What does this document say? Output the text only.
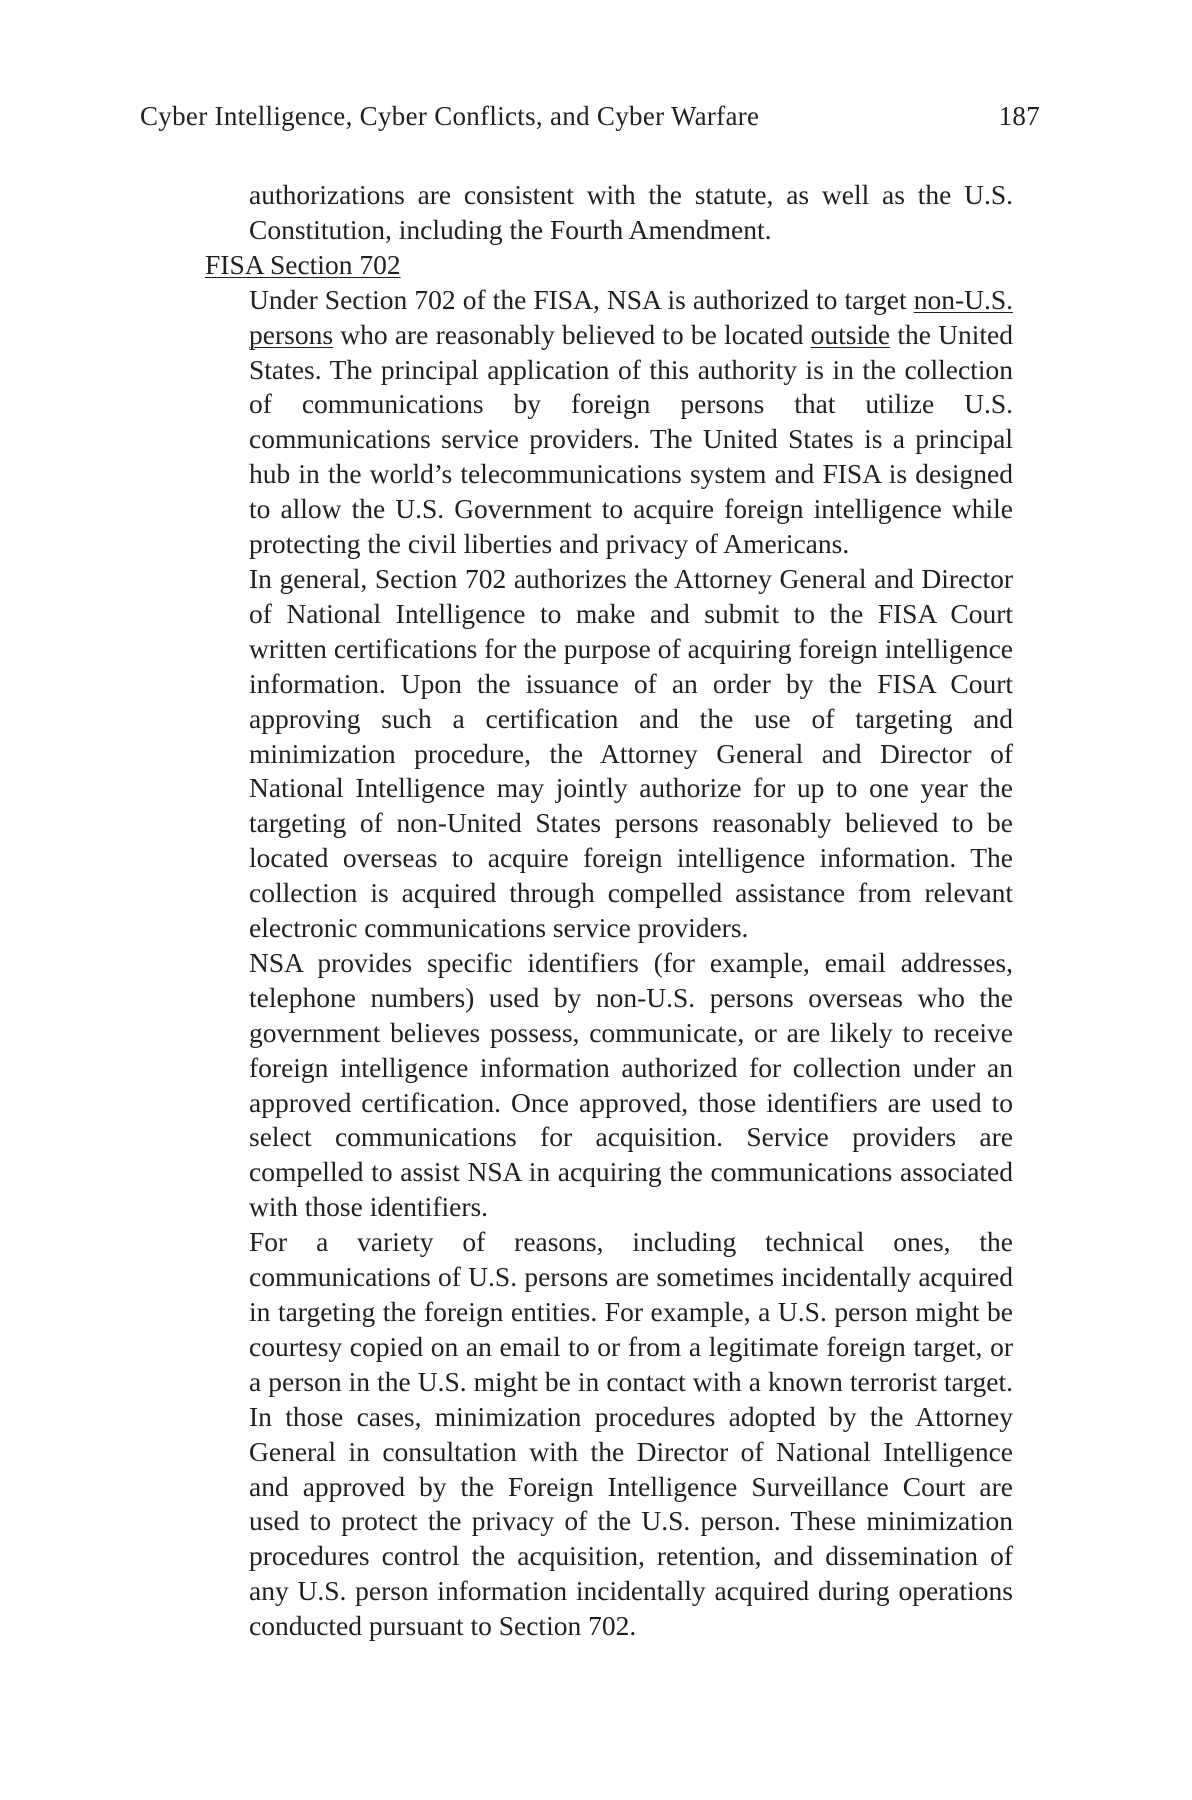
Cyber Intelligence, Cyber Conflicts, and Cyber Warfare	187

authorizations are consistent with the statute, as well as the U.S. Constitution, including the Fourth Amendment.

FISA Section 702

Under Section 702 of the FISA, NSA is authorized to target non-U.S. persons who are reasonably believed to be located outside the United States. The principal application of this authority is in the collection of communications by foreign persons that utilize U.S. communications service providers. The United States is a principal hub in the world’s telecommunications system and FISA is designed to allow the U.S. Government to acquire foreign intelligence while protecting the civil liberties and privacy of Americans.

In general, Section 702 authorizes the Attorney General and Director of National Intelligence to make and submit to the FISA Court written certifications for the purpose of acquiring foreign intelligence information. Upon the issuance of an order by the FISA Court approving such a certification and the use of targeting and minimization procedure, the Attorney General and Director of National Intelligence may jointly authorize for up to one year the targeting of non-United States persons reasonably believed to be located overseas to acquire foreign intelligence information. The collection is acquired through compelled assistance from relevant electronic communications service providers.

NSA provides specific identifiers (for example, email addresses, telephone numbers) used by non-U.S. persons overseas who the government believes possess, communicate, or are likely to receive foreign intelligence information authorized for collection under an approved certification. Once approved, those identifiers are used to select communications for acquisition. Service providers are compelled to assist NSA in acquiring the communications associated with those identifiers.

For a variety of reasons, including technical ones, the communications of U.S. persons are sometimes incidentally acquired in targeting the foreign entities. For example, a U.S. person might be courtesy copied on an email to or from a legitimate foreign target, or a person in the U.S. might be in contact with a known terrorist target. In those cases, minimization procedures adopted by the Attorney General in consultation with the Director of National Intelligence and approved by the Foreign Intelligence Surveillance Court are used to protect the privacy of the U.S. person. These minimization procedures control the acquisition, retention, and dissemination of any U.S. person information incidentally acquired during operations conducted pursuant to Section 702.
